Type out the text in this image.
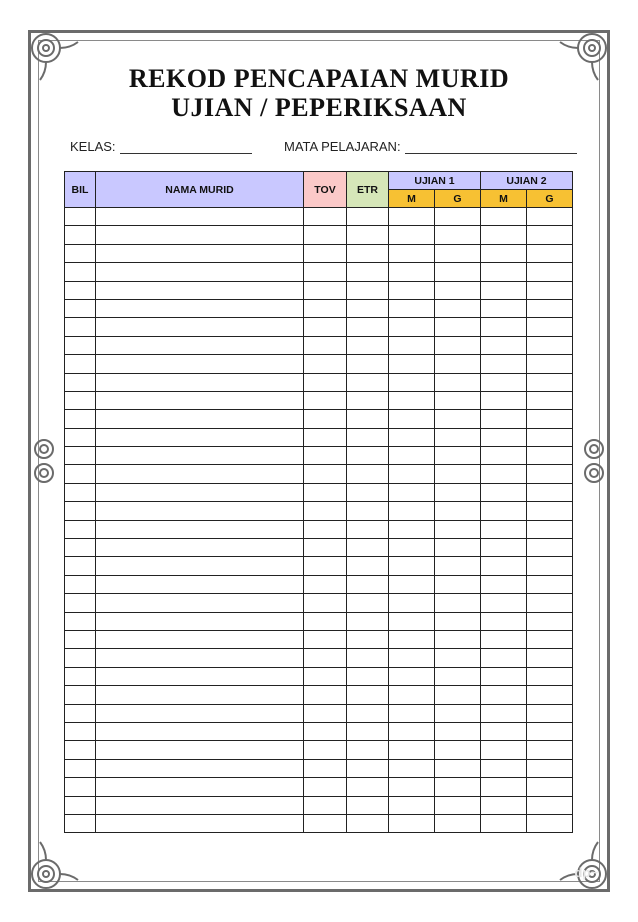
REKOD PENCAPAIAN MURID
UJIAN / PEPERIKSAAN
KELAS:	MATA PELAJARAN:
BIL	NAMA MURID	TOV	ETR	UJIAN 1		UJIAN 2	
				M	G	M	G

dp~
